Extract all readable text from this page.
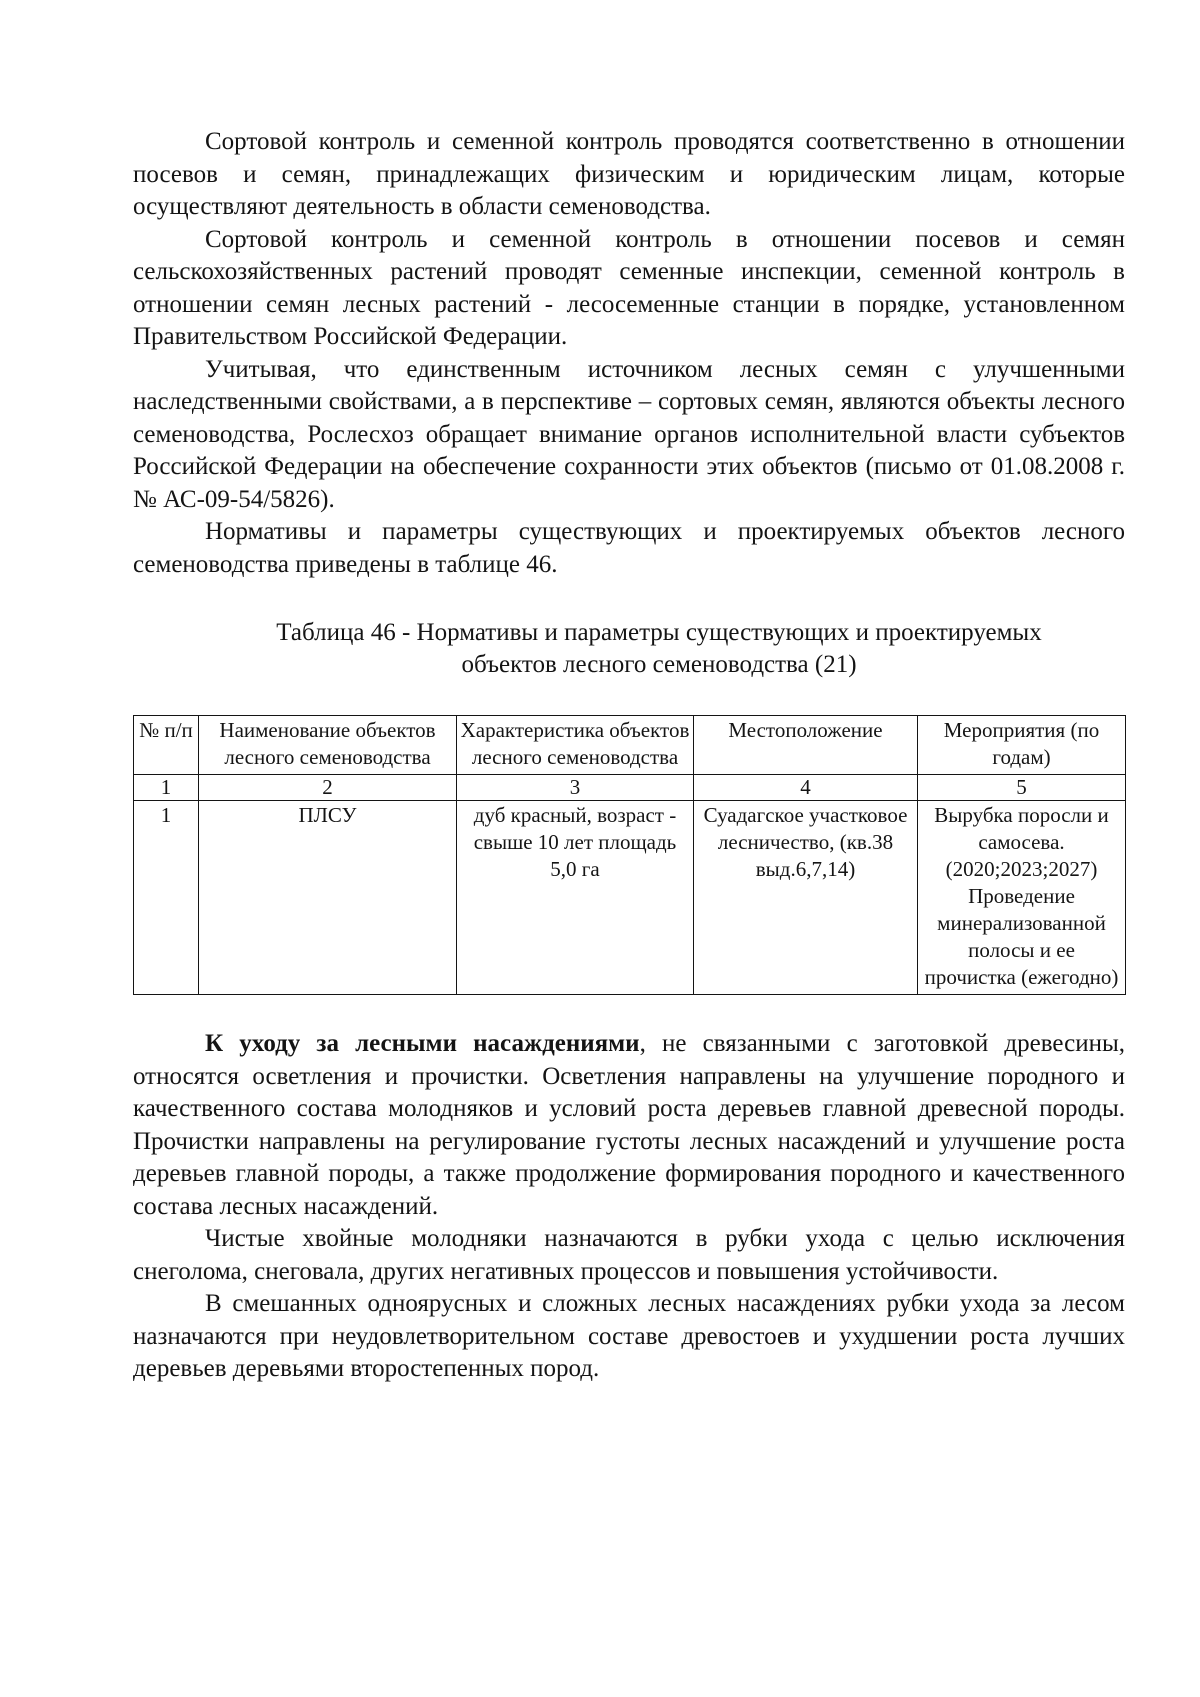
Сортовой контроль и семенной контроль проводятся соответственно в отношении посевов и семян, принадлежащих физическим и юридическим лицам, которые осуществляют деятельность в области семеноводства.

Сортовой контроль и семенной контроль в отношении посевов и семян сельскохозяйственных растений проводят семенные инспекции, семенной контроль в отношении семян лесных растений - лесосеменные станции в порядке, установленном Правительством Российской Федерации.

Учитывая, что единственным источником лесных семян с улучшенными наследственными свойствами, а в перспективе – сортовых семян, являются объекты лесного семеноводства, Рослесхоз обращает внимание органов исполнительной власти субъектов Российской Федерации на обеспечение сохранности этих объектов (письмо от 01.08.2008 г. № АС-09-54/5826).

Нормативы и параметры существующих и проектируемых объектов лесного семеноводства приведены в таблице 46.

Таблица 46 - Нормативы и параметры существующих и проектируемых
объектов лесного семеноводства (21)
№ п/п	Наименование объектов лесного семеноводства	Характеристика объектов лесного семеноводства	Местоположение	Мероприятия (по годам)
1	2	3	4	5
1	ПЛСУ	дуб красный, возраст - свыше 10 лет площадь 5,0 га	Суадагское участковое лесничество, (кв.38 выд.6,7,14)	Вырубка поросли и самосева. (2020;2023;2027) Проведение минерализованной полосы и ее прочистка (ежегодно)

К уходу за лесными насаждениями, не связанными с заготовкой древесины, относятся осветления и прочистки. Осветления направлены на улучшение породного и качественного состава молодняков и условий роста деревьев главной древесной породы. Прочистки направлены на регулирование густоты лесных насаждений и улучшение роста деревьев главной породы, а также продолжение формирования породного и качественного состава лесных насаждений.

Чистые хвойные молодняки назначаются в рубки ухода с целью исключения снеголома, снеговала, других негативных процессов и повышения устойчивости.

В смешанных одноярусных и сложных лесных насаждениях рубки ухода за лесом назначаются при неудовлетворительном составе древостоев и ухудшении роста лучших деревьев деревьями второстепенных пород.
